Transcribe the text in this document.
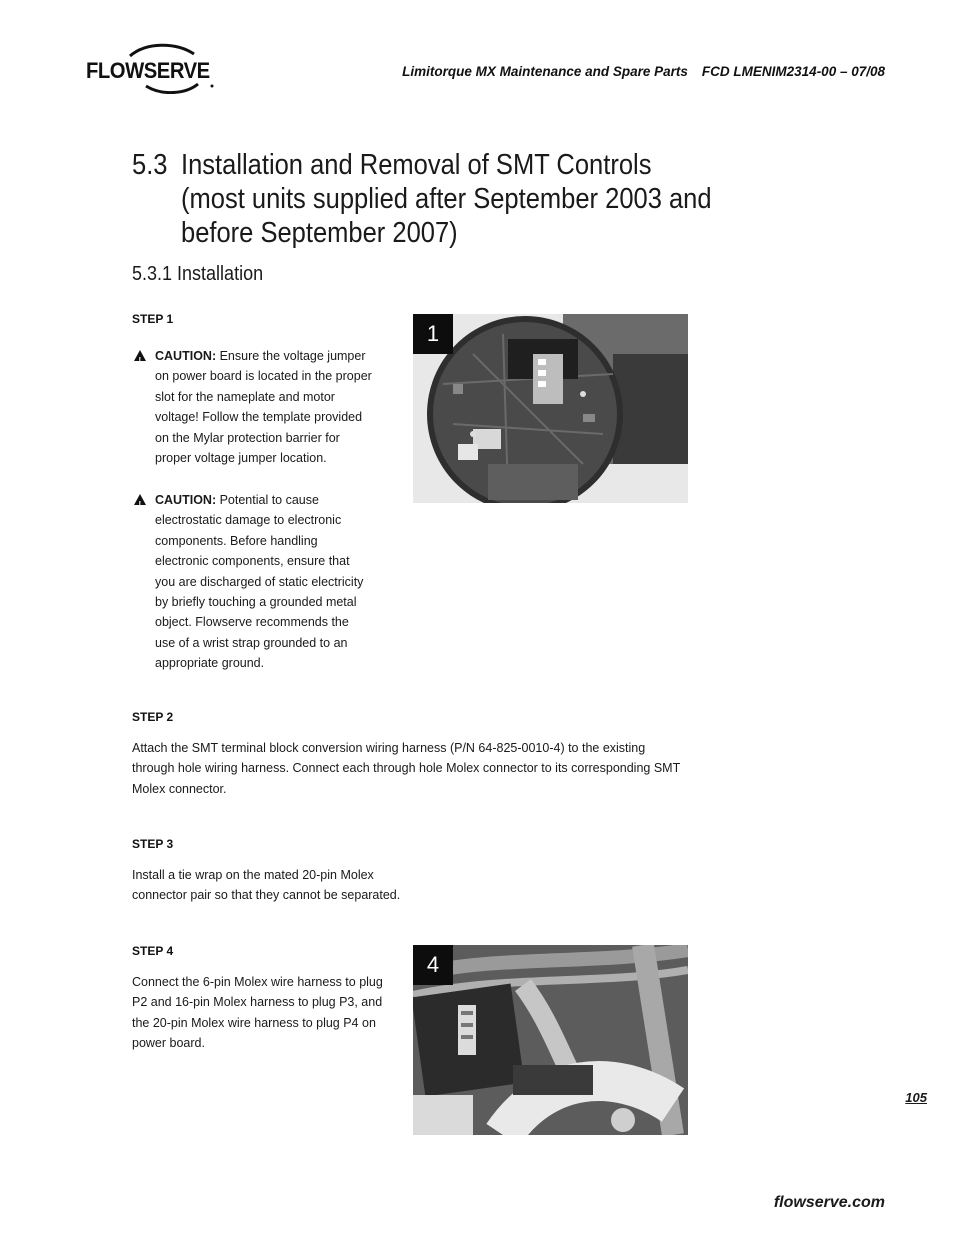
FLOWSERVE	Limitorque MX Maintenance and Spare Parts FCD LMENIM2314-00 – 07/08
5.3 Installation and Removal of SMT Controls
(most units supplied after September 2003 and
before September 2007)
5.3.1 Installation
STEP 1
!

CAUTION: Ensure the voltage jumper

on power board is located in the proper

slot for the nameplate and motor

voltage! Follow the template provided

on the Mylar protection barrier for

proper voltage jumper location.

!

CAUTION: Potential to cause

electrostatic damage to electronic

components. Before handling

electronic components, ensure that

you are discharged of static electricity

by briefly touching a grounded metal

object. Flowserve recommends the

use of a wrist strap grounded to an

appropriate ground.

1
STEP 2

Attach the SMT terminal block conversion wiring harness (P/N 64-825-0010-4) to the existing

through hole wiring harness. Connect each through hole Molex connector to its corresponding SMT

Molex connector.

STEP 3

Install a tie wrap on the mated 20-pin Molex

connector pair so that they cannot be separated.

STEP 4

Connect the 6-pin Molex wire harness to plug

P2 and 16-pin Molex harness to plug P3, and

the 20-pin Molex wire harness to plug P4 on

power board.

4
105
flowserve.com
